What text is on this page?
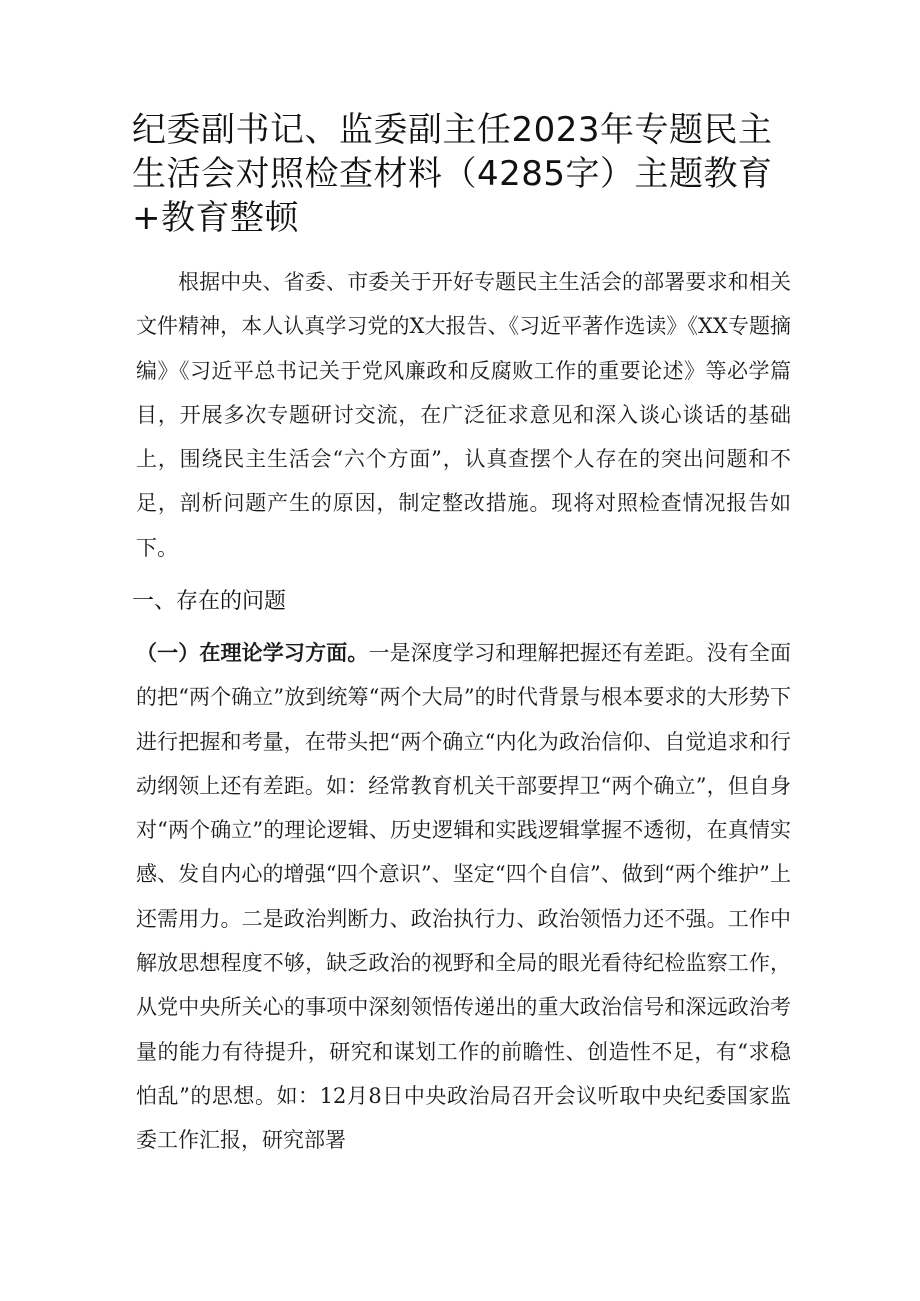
纪委副书记、监委副主任2023年专题民主生活会对照检查材料（4285字）主题教育+教育整顿

根据中央、省委、市委关于开好专题民主生活会的部署要求和相关文件精神，本人认真学习党的X大报告、《习近平著作选读》《XX专题摘编》《习近平总书记关于党风廉政和反腐败工作的重要论述》等必学篇目，开展多次专题研讨交流，在广泛征求意见和深入谈心谈话的基础上，围绕民主生活会“六个方面”，认真查摆个人存在的突出问题和不足，剖析问题产生的原因，制定整改措施。现将对照检查情况报告如下。

一、存在的问题

（一）在理论学习方面。一是深度学习和理解把握还有差距。没有全面的把“两个确立”放到统筹“两个大局”的时代背景与根本要求的大形势下进行把握和考量，在带头把“两个确立“内化为政治信仰、自觉追求和行动纲领上还有差距。如：经常教育机关干部要捍卫“两个确立”，但自身对“两个确立”的理论逻辑、历史逻辑和实践逻辑掌握不透彻，在真情实感、发自内心的增强“四个意识”、坚定“四个自信”、做到“两个维护”上还需用力。二是政治判断力、政治执行力、政治领悟力还不强。工作中解放思想程度不够，缺乏政治的视野和全局的眼光看待纪检监察工作，从党中央所关心的事项中深刻领悟传递出的重大政治信号和深远政治考量的能力有待提升，研究和谋划工作的前瞻性、创造性不足，有“求稳怕乱”的思想。如：12月8日中央政治局召开会议听取中央纪委国家监委工作汇报，研究部署
